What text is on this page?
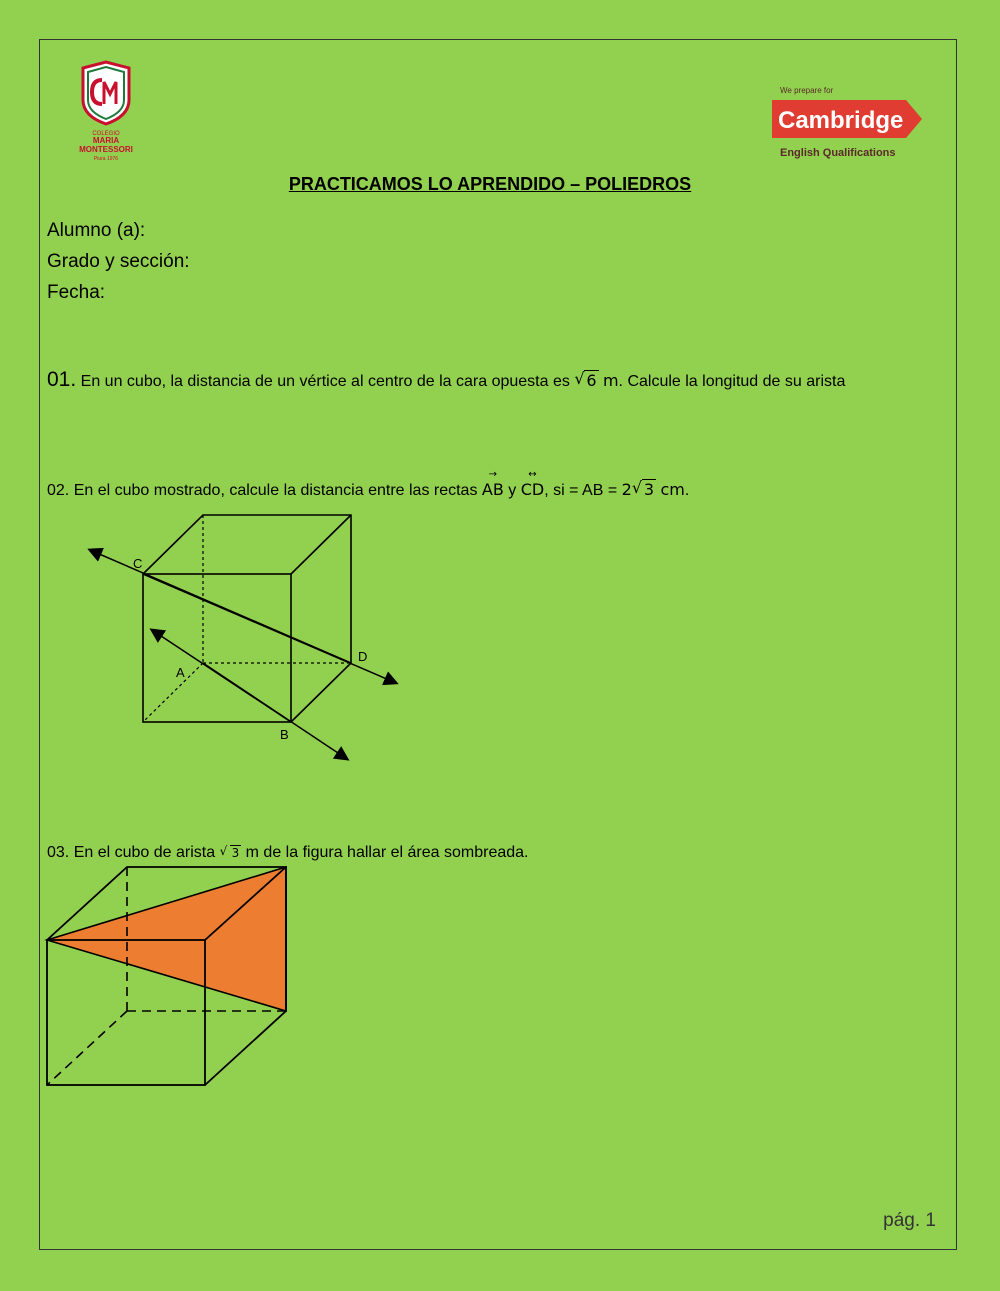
COLEGIO
MARIA
MONTESSORI
Piura 1976
We prepare for
Cambridge
English Qualifications
PRACTICAMOS LO APRENDIDO – POLIEDROS
Alumno (a):
Grado y sección:
Fecha:
01. En un cubo, la distancia de un vértice al centro de la cara opuesta es √ 6 m. Calcule la longitud de su arista
02. En el cubo mostrado, calcule la distancia entre las rectas
→
AB y
↔
CD, si = AB = 2 √ 3 cm.
C
A
D
B
03. En el cubo de arista √ 3 m de la figura hallar el área sombreada.
pág. 1
